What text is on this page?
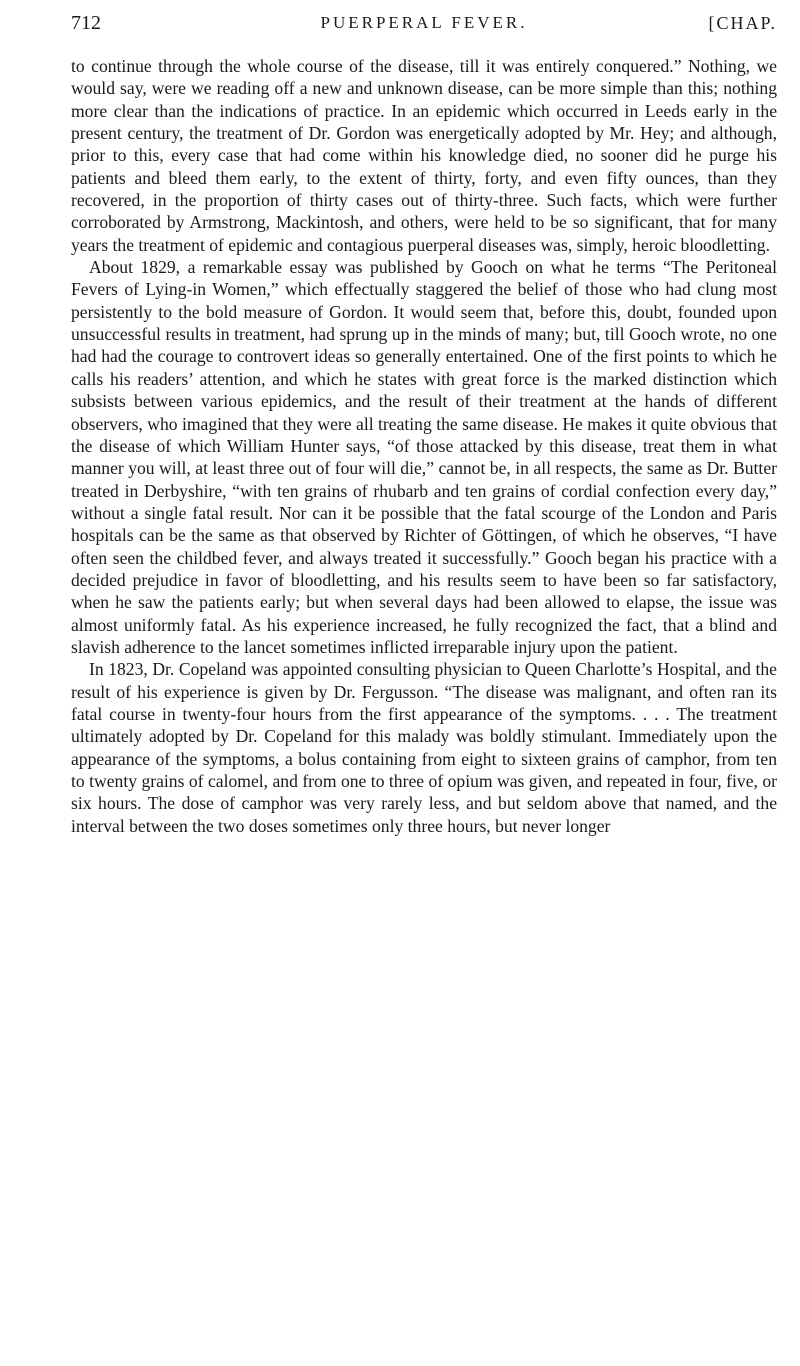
712	PUERPERAL FEVER.	[CHAP.

to continue through the whole course of the disease, till it was entirely conquered.” Nothing, we would say, were we reading off a new and unknown disease, can be more simple than this; nothing more clear than the indications of practice. In an epidemic which occurred in Leeds early in the present century, the treatment of Dr. Gordon was energetically adopted by Mr. Hey; and although, prior to this, every case that had come within his knowledge died, no sooner did he purge his patients and bleed them early, to the extent of thirty, forty, and even fifty ounces, than they recovered, in the proportion of thirty cases out of thirty-three. Such facts, which were further corroborated by Armstrong, Mackintosh, and others, were held to be so significant, that for many years the treatment of epidemic and contagious puerperal diseases was, simply, heroic bloodletting.

About 1829, a remarkable essay was published by Gooch on what he terms “The Peritoneal Fevers of Lying-in Women,” which effectually staggered the belief of those who had clung most persistently to the bold measure of Gordon. It would seem that, before this, doubt, founded upon unsuccessful results in treatment, had sprung up in the minds of many; but, till Gooch wrote, no one had had the courage to controvert ideas so generally entertained. One of the first points to which he calls his readers’ attention, and which he states with great force is the marked distinction which subsists between various epidemics, and the result of their treatment at the hands of different observers, who imagined that they were all treating the same disease. He makes it quite obvious that the disease of which William Hunter says, “of those attacked by this disease, treat them in what manner you will, at least three out of four will die,” cannot be, in all respects, the same as Dr. Butter treated in Derbyshire, “with ten grains of rhubarb and ten grains of cordial confection every day,” without a single fatal result. Nor can it be possible that the fatal scourge of the London and Paris hospitals can be the same as that observed by Richter of Göttingen, of which he observes, “I have often seen the childbed fever, and always treated it successfully.” Gooch began his practice with a decided prejudice in favor of bloodletting, and his results seem to have been so far satisfactory, when he saw the patients early; but when several days had been allowed to elapse, the issue was almost uniformly fatal. As his experience increased, he fully recognized the fact, that a blind and slavish adherence to the lancet sometimes inflicted irreparable injury upon the patient.

In 1823, Dr. Copeland was appointed consulting physician to Queen Charlotte’s Hospital, and the result of his experience is given by Dr. Fergusson. “The disease was malignant, and often ran its fatal course in twenty-four hours from the first appearance of the symptoms. . . . The treatment ultimately adopted by Dr. Copeland for this malady was boldly stimulant. Immediately upon the appearance of the symptoms, a bolus containing from eight to sixteen grains of camphor, from ten to twenty grains of calomel, and from one to three of opium was given, and repeated in four, five, or six hours. The dose of camphor was very rarely less, and but seldom above that named, and the interval between the two doses sometimes only three hours, but never longer
